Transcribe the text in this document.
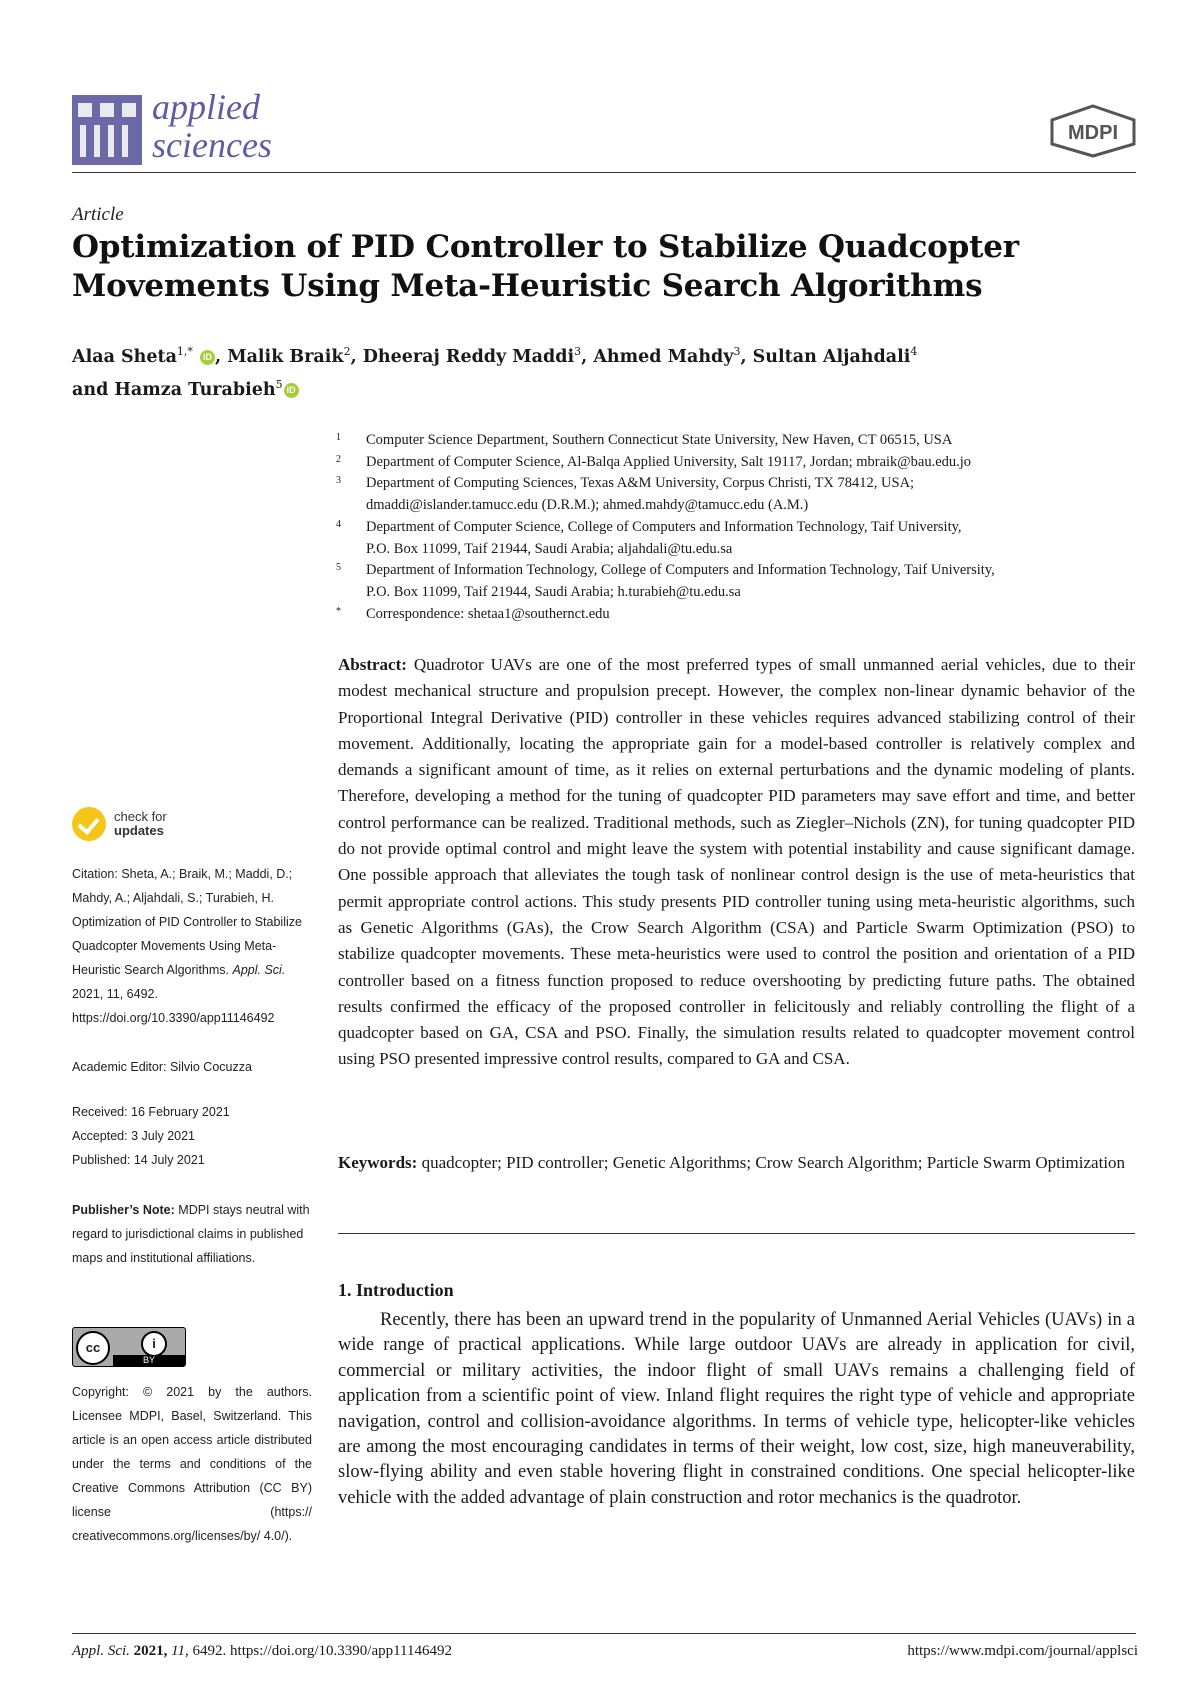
applied
sciences	MDPI
Article
Optimization of PID Controller to Stabilize Quadcopter
Movements Using Meta-Heuristic Search Algorithms
Alaa Sheta$^{1,*}$ iD , Malik Braik$^2$, Dheeraj Reddy Maddi$^3$, Ahmed Mahdy$^3$, Sultan Aljahdali$^4$
and Hamza Turabieh$^5$ iD
1 Computer Science Department, Southern Connecticut State University, New Haven, CT 06515, USA
2 Department of Computer Science, Al-Balqa Applied University, Salt 19117, Jordan; mbraik@bau.edu.jo
3 Department of Computing Sciences, Texas A&M University, Corpus Christi, TX 78412, USA;
dmaddi@islander.tamucc.edu (D.R.M.); ahmed.mahdy@tamucc.edu (A.M.)
4 Department of Computer Science, College of Computers and Information Technology, Taif University,
P.O. Box 11099, Taif 21944, Saudi Arabia; aljahdali@tu.edu.sa
5 Department of Information Technology, College of Computers and Information Technology, Taif University,
P.O. Box 11099, Taif 21944, Saudi Arabia; h.turabieh@tu.edu.sa
* Correspondence: shetaa1@southernct.edu
Abstract: Quadrotor UAVs are one of the most preferred types of small unmanned aerial vehicles, due to their modest mechanical structure and propulsion precept. However, the complex non-linear dynamic behavior of the Proportional Integral Derivative (PID) controller in these vehicles requires advanced stabilizing control of their movement. Additionally, locating the appropriate gain for a model-based controller is relatively complex and demands a significant amount of time, as it relies on external perturbations and the dynamic modeling of plants. Therefore, developing a method for the tuning of quadcopter PID parameters may save effort and time, and better control performance can be realized. Traditional methods, such as Ziegler–Nichols (ZN), for tuning quadcopter PID do not provide optimal control and might leave the system with potential instability and cause significant damage. One possible approach that alleviates the tough task of nonlinear control design is the use of meta-heuristics that permit appropriate control actions. This study presents PID controller tuning using meta-heuristic algorithms, such as Genetic Algorithms (GAs), the Crow Search Algorithm (CSA) and Particle Swarm Optimization (PSO) to stabilize quadcopter movements. These meta-heuristics were used to control the position and orientation of a PID controller based on a fitness function proposed to reduce overshooting by predicting future paths. The obtained results confirmed the efficacy of the proposed controller in felicitously and reliably controlling the flight of a quadcopter based on GA, CSA and PSO. Finally, the simulation results related to quadcopter movement control using PSO presented impressive control results, compared to GA and CSA.
Keywords: quadcopter; PID controller; Genetic Algorithms; Crow Search Algorithm; Particle Swarm Optimization
1. Introduction
Recently, there has been an upward trend in the popularity of Unmanned Aerial Vehicles (UAVs) in a wide range of practical applications. While large outdoor UAVs are already in application for civil, commercial or military activities, the indoor flight of small UAVs remains a challenging field of application from a scientific point of view. Inland flight requires the right type of vehicle and appropriate navigation, control and collision-avoidance algorithms. In terms of vehicle type, helicopter-like vehicles are among the most encouraging candidates in terms of their weight, low cost, size, high maneuverability, slow-flying ability and even stable hovering flight in constrained conditions. One special helicopter-like vehicle with the added advantage of plain construction and rotor mechanics is the quadrotor.
check for
updates

Citation: Sheta, A.; Braik, M.; Maddi, D.; Mahdy, A.; Aljahdali, S.; Turabieh, H. Optimization of PID Controller to Stabilize Quadcopter Movements Using Meta-Heuristic Search Algorithms. Appl. Sci. 2021, 11, 6492. https://doi.org/10.3390/app11146492

Academic Editor: Silvio Cocuzza

Received: 16 February 2021

Accepted: 3 July 2021

Published: 14 July 2021

Publisher’s Note: MDPI stays neutral with regard to jurisdictional claims in published maps and institutional affiliations.

cc	i
BY
Copyright: © 2021 by the authors. Licensee MDPI, Basel, Switzerland. This article is an open access article distributed under the terms and conditions of the Creative Commons Attribution (CC BY) license (https:// creativecommons.org/licenses/by/ 4.0/).
Appl. Sci. 2021, 11, 6492. https://doi.org/10.3390/app11146492	https://www.mdpi.com/journal/applsci
